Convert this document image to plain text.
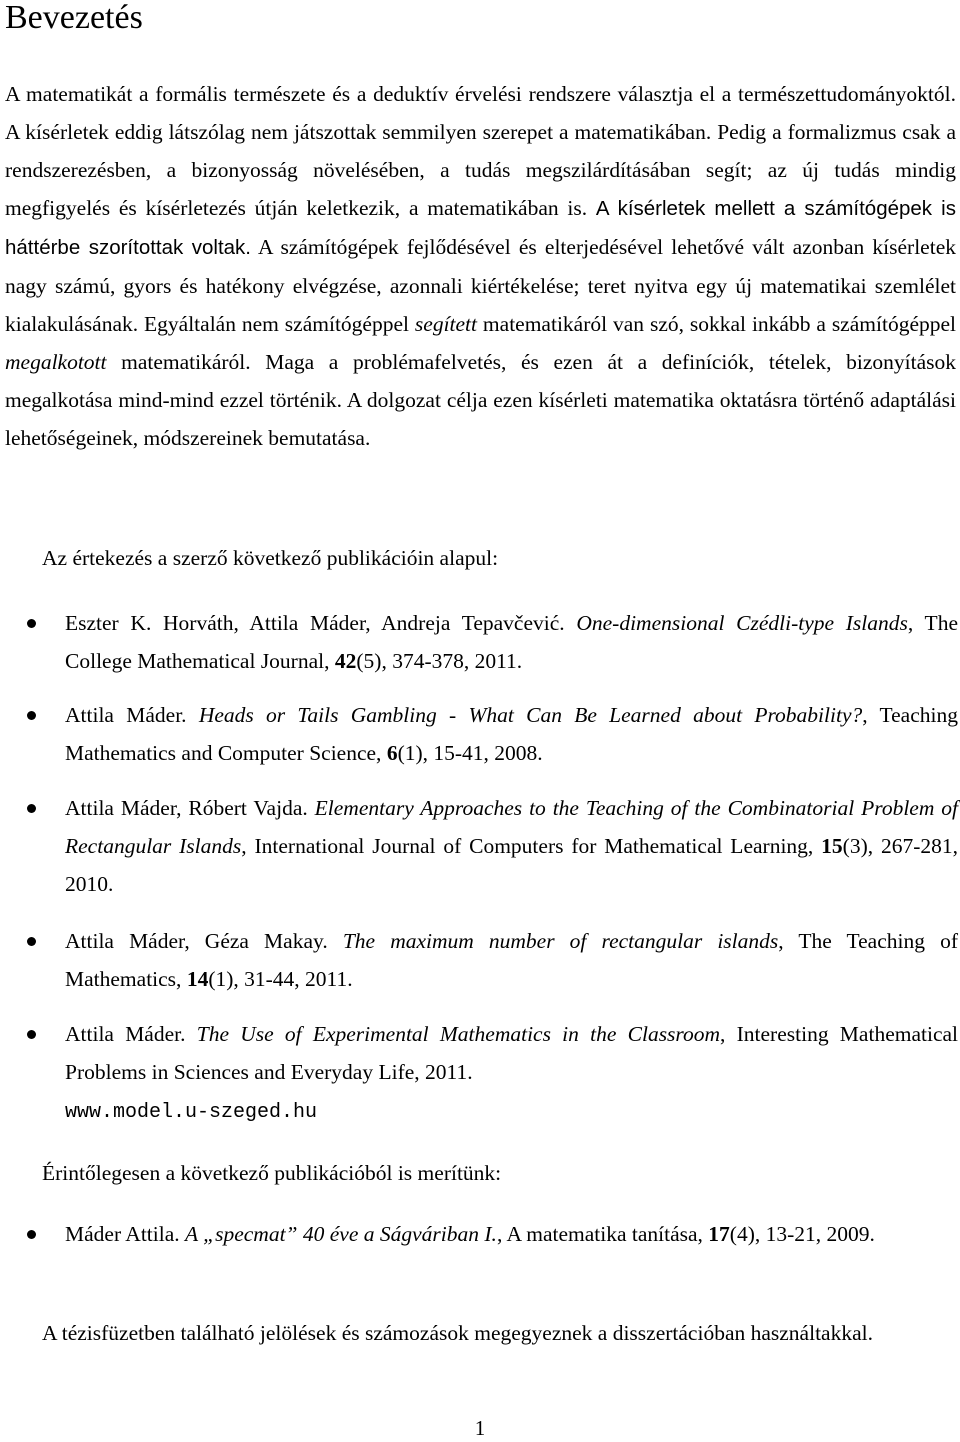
Bevezetés

A matematikát a formális természete és a deduktív érvelési rendszere választja el a természettudományoktól. A kísérletek eddig látszólag nem játszottak semmilyen szerepet a matematikában. Pedig a formalizmus csak a rendszerezésben, a bizonyosság növelésében, a tudás megszilárdításában segít; az új tudás mindig megfigyelés és kísérletezés útján keletkezik, a matematikában is. A kísérletek mellett a számítógépek is háttérbe szorítottak voltak. A számítógépek fejlődésével és elterjedésével lehetővé vált azonban kísérletek nagy számú, gyors és hatékony elvégzése, azonnali kiértékelése; teret nyitva egy új matematikai szemlélet kialakulásának. Egyáltalán nem számítógéppel segített matematikáról van szó, sokkal inkább a számítógéppel megalkotott matematikáról. Maga a problémafelvetés, és ezen át a definíciók, tételek, bizonyítások megalkotása mind-mind ezzel történik. A dolgozat célja ezen kísérleti matematika oktatásra történő adaptálási lehetőségeinek, módszereinek bemutatása.

Az értekezés a szerző következő publikációin alapul:

Eszter K. Horváth, Attila Máder, Andreja Tepavčević. One-dimensional Czédli-type Islands, The College Mathematical Journal, 42(5), 374-378, 2011.
Attila Máder. Heads or Tails Gambling - What Can Be Learned about Probability?, Teaching Mathematics and Computer Science, 6(1), 15-41, 2008.
Attila Máder, Róbert Vajda. Elementary Approaches to the Teaching of the Combinatorial Problem of Rectangular Islands, International Journal of Computers for Mathematical Learning, 15(3), 267-281, 2010.
Attila Máder, Géza Makay. The maximum number of rectangular islands, The Teaching of Mathematics, 14(1), 31-44, 2011.
Attila Máder. The Use of Experimental Mathematics in the Classroom, Interesting Mathematical Problems in Sciences and Everyday Life, 2011.
www.model.u-szeged.hu

Érintőlegesen a következő publikációból is merítünk:

Máder Attila. A „specmat” 40 éve a Ságváriban I., A matematika tanítása, 17(4), 13-21, 2009.

A tézisfüzetben található jelölések és számozások megegyeznek a disszertációban használtakkal.

1
